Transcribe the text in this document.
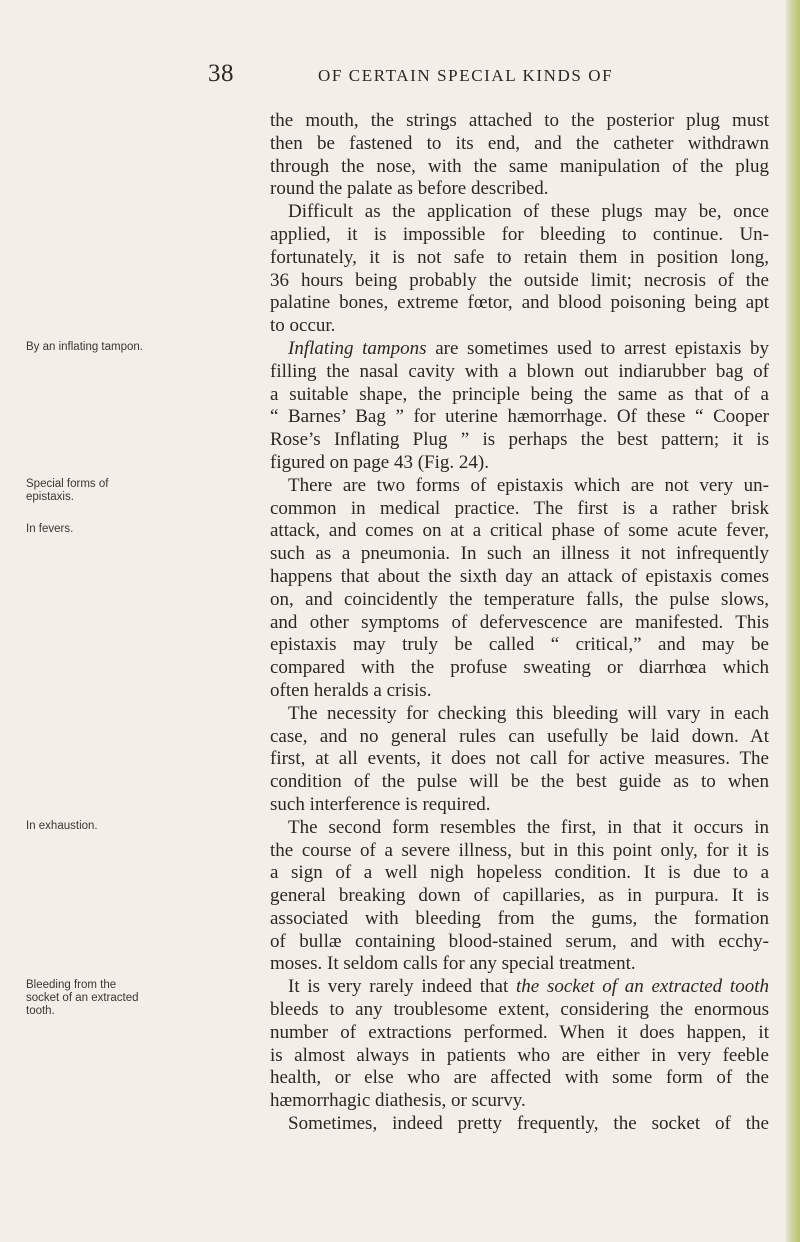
38	OF CERTAIN SPECIAL KINDS OF
the mouth, the strings attached to the posterior plug must
then be fastened to its end, and the catheter withdrawn
through the nose, with the same manipulation of the plug
round the palate as before described.
Difficult as the application of these plugs may be, once
applied, it is impossible for bleeding to continue. Un-
fortunately, it is not safe to retain them in position long,
36 hours being probably the outside limit; necrosis of the
palatine bones, extreme fœtor, and blood poisoning being apt
to occur.
By an inflating tampon.	Inflating tampons are sometimes used to arrest epistaxis by
filling the nasal cavity with a blown out indiarubber bag of
a suitable shape, the principle being the same as that of a
“ Barnes’ Bag ” for uterine hæmorrhage. Of these “ Cooper
Rose’s Inflating Plug ” is perhaps the best pattern; it is
figured on page 43 (Fig. 24).
Special forms of epistaxis.
There are two forms of epistaxis which are not very un-
common in medical practice. The first is a rather brisk
In fevers.	attack, and comes on at a critical phase of some acute fever,
such as a pneumonia. In such an illness it not infrequently
happens that about the sixth day an attack of epistaxis comes
on, and coincidently the temperature falls, the pulse slows,
and other symptoms of defervescence are manifested. This
epistaxis may truly be called “ critical,” and may be
compared with the profuse sweating or diarrhœa which
often heralds a crisis.
The necessity for checking this bleeding will vary in each
case, and no general rules can usefully be laid down. At
first, at all events, it does not call for active measures. The
condition of the pulse will be the best guide as to when
such interference is required.
In exhaustion.	The second form resembles the first, in that it occurs in
the course of a severe illness, but in this point only, for it is
a sign of a well nigh hopeless condition. It is due to a
general breaking down of capillaries, as in purpura. It is
associated with bleeding from the gums, the formation
of bullæ containing blood-stained serum, and with ecchy-
moses. It seldom calls for any special treatment.
Bleeding from the socket of an extracted tooth.
It is very rarely indeed that the socket of an extracted tooth
bleeds to any troublesome extent, considering the enormous
number of extractions performed. When it does happen, it
is almost always in patients who are either in very feeble
health, or else who are affected with some form of the
hæmorrhagic diathesis, or scurvy.
Sometimes, indeed pretty frequently, the socket of the
